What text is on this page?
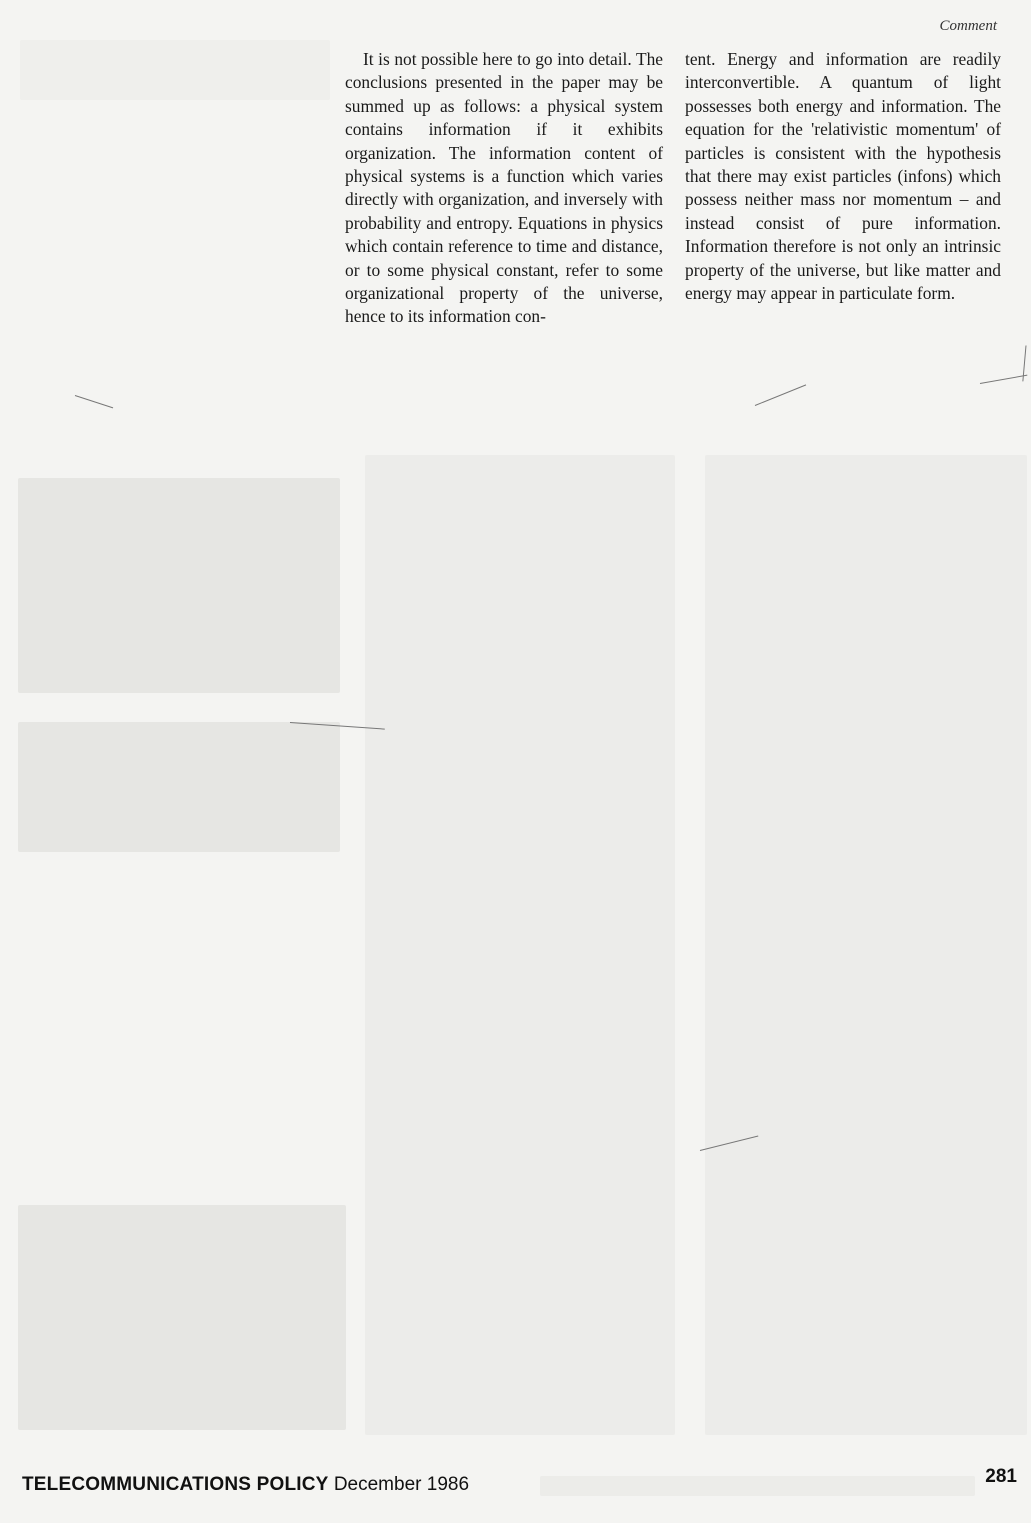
Comment

It is not possible here to go into detail. The conclusions presented in the paper may be summed up as follows: a physical system contains information if it exhibits organization. The information content of physical systems is a function which varies directly with organization, and inversely with probability and entropy. Equations in physics which contain reference to time and distance, or to some physical constant, refer to some organizational property of the universe, hence to its information con-

tent. Energy and information are readily interconvertible. A quantum of light possesses both energy and information. The equation for the 'relativistic momentum' of particles is consistent with the hypothesis that there may exist particles (infons) which possess neither mass nor momentum – and instead consist of pure information. Information therefore is not only an intrinsic property of the universe, but like matter and energy may appear in particulate form.

TELECOMMUNICATIONS POLICY December 1986	281
